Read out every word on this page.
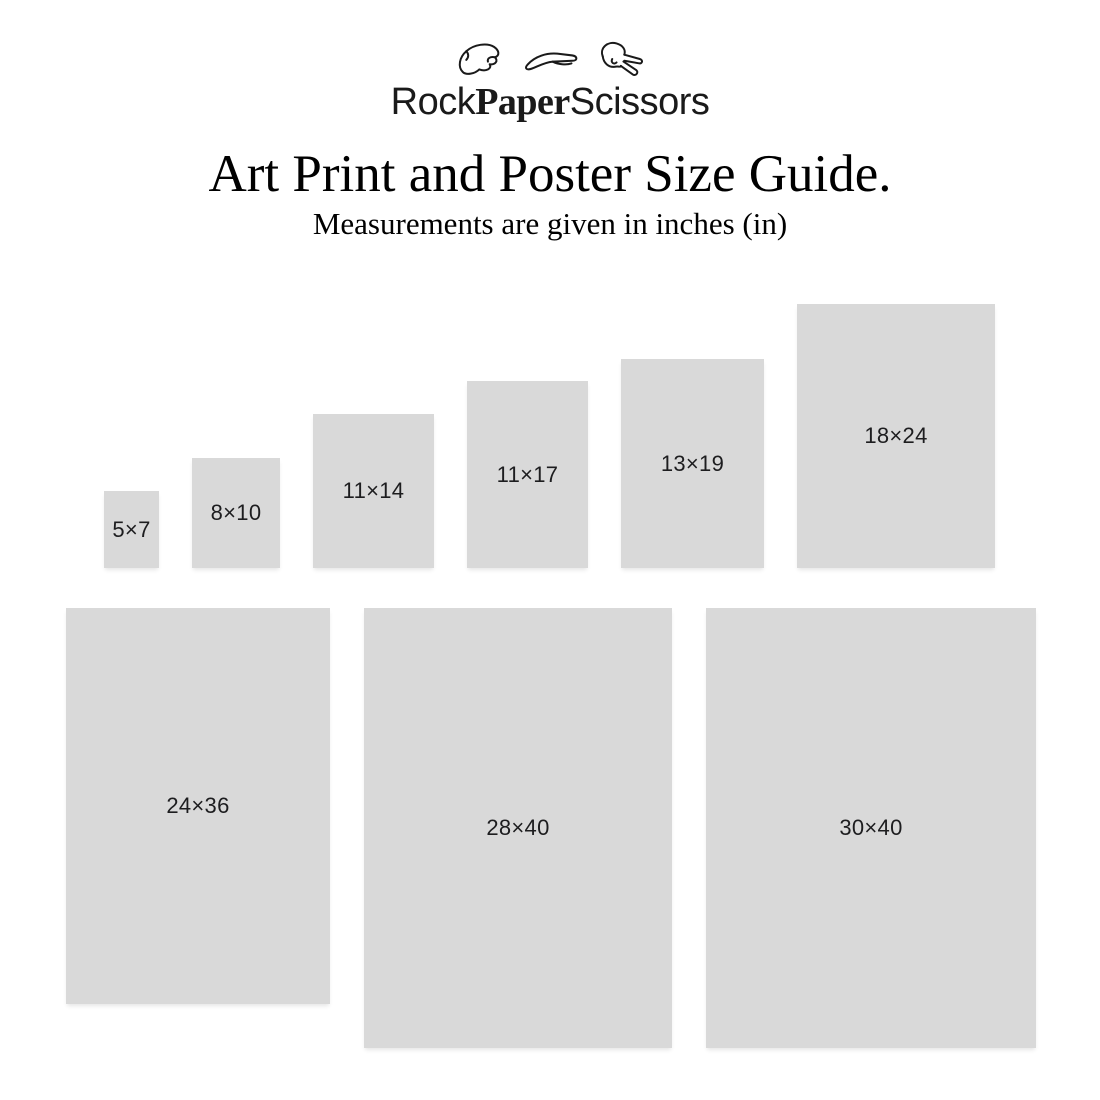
RockPaperScissors
Art Print and Poster Size Guide.
Measurements are given in inches (in)
5×7
8×10
11×14
11×17	13×19
18×24
24×36
28×40	30×40
